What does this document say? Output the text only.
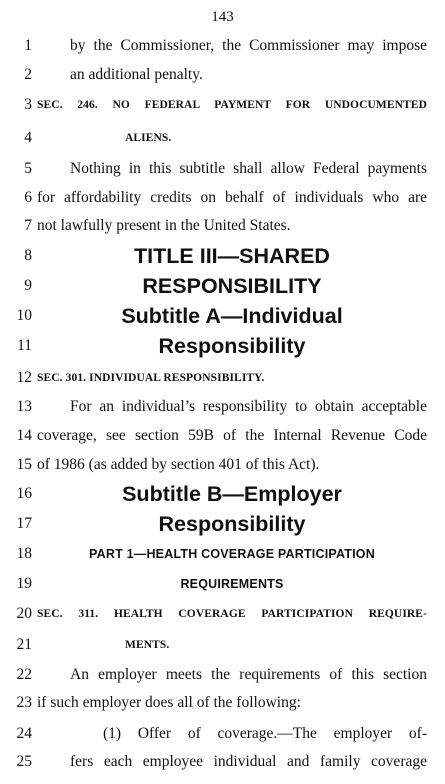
143
1 by the Commissioner, the Commissioner may impose
2 an additional penalty.
3 SEC. 246. NO FEDERAL PAYMENT FOR UNDOCUMENTED
4	ALIENS.
5 Nothing in this subtitle shall allow Federal payments
6 for affordability credits on behalf of individuals who are
7 not lawfully present in the United States.
8	TITLE III—SHARED
9	RESPONSIBILITY
10	Subtitle A—Individual
11	Responsibility
12 SEC. 301. INDIVIDUAL RESPONSIBILITY.
13 For an individual’s responsibility to obtain acceptable
14 coverage, see section 59B of the Internal Revenue Code
15 of 1986 (as added by section 401 of this Act).
16	Subtitle B—Employer
17	Responsibility
18	PART 1—HEALTH COVERAGE PARTICIPATION
19	REQUIREMENTS
20 SEC. 311. HEALTH COVERAGE PARTICIPATION REQUIRE-
21	MENTS.
22 An employer meets the requirements of this section
23 if such employer does all of the following:
24	(1) Offer of coverage.—The employer of-
25 fers each employee individual and family coverage
